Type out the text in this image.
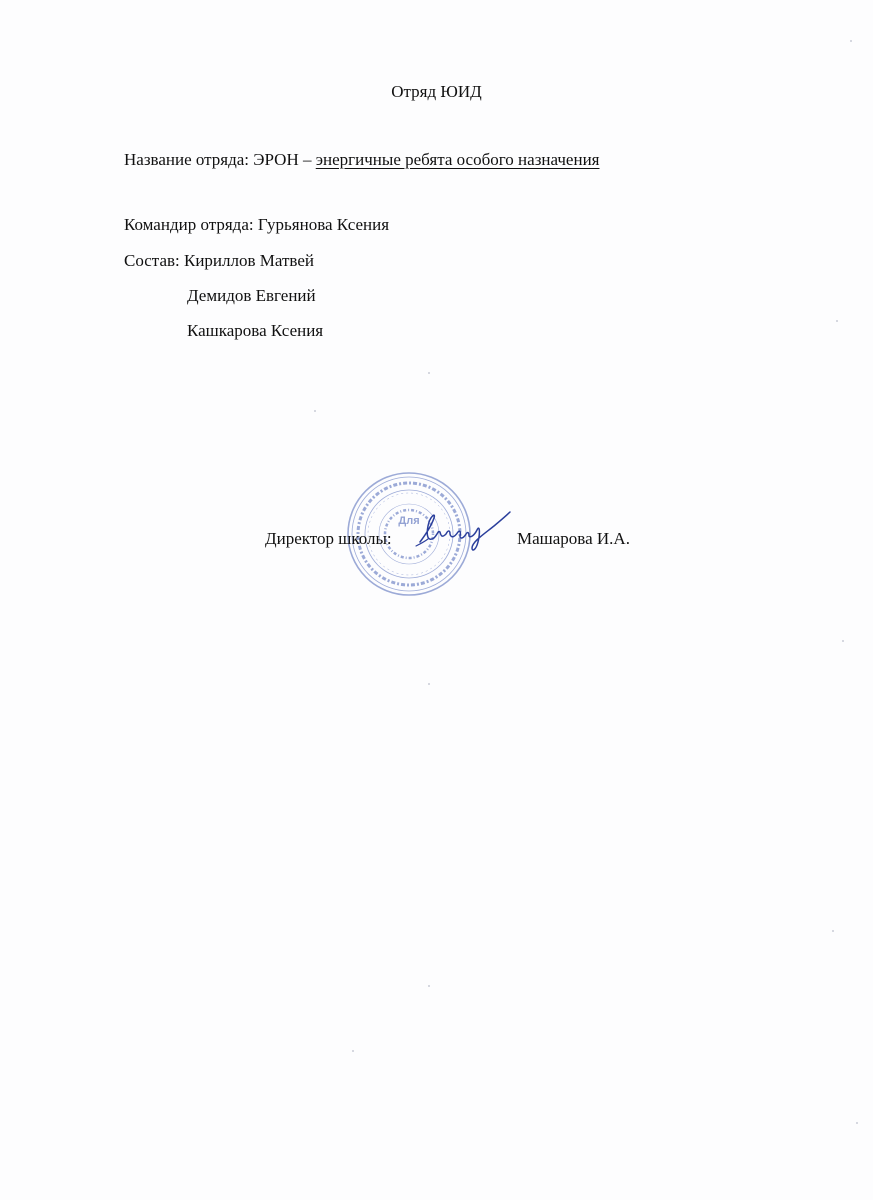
Отряд ЮИД
Название отряда: ЭРОН – энергичные ребята особого назначения
Командир отряда: Гурьянова Ксения
Состав: Кириллов Матвей
Демидов Евгений
Кашкарова Ксения
Для
Директор школы:	Машарова И.А.
